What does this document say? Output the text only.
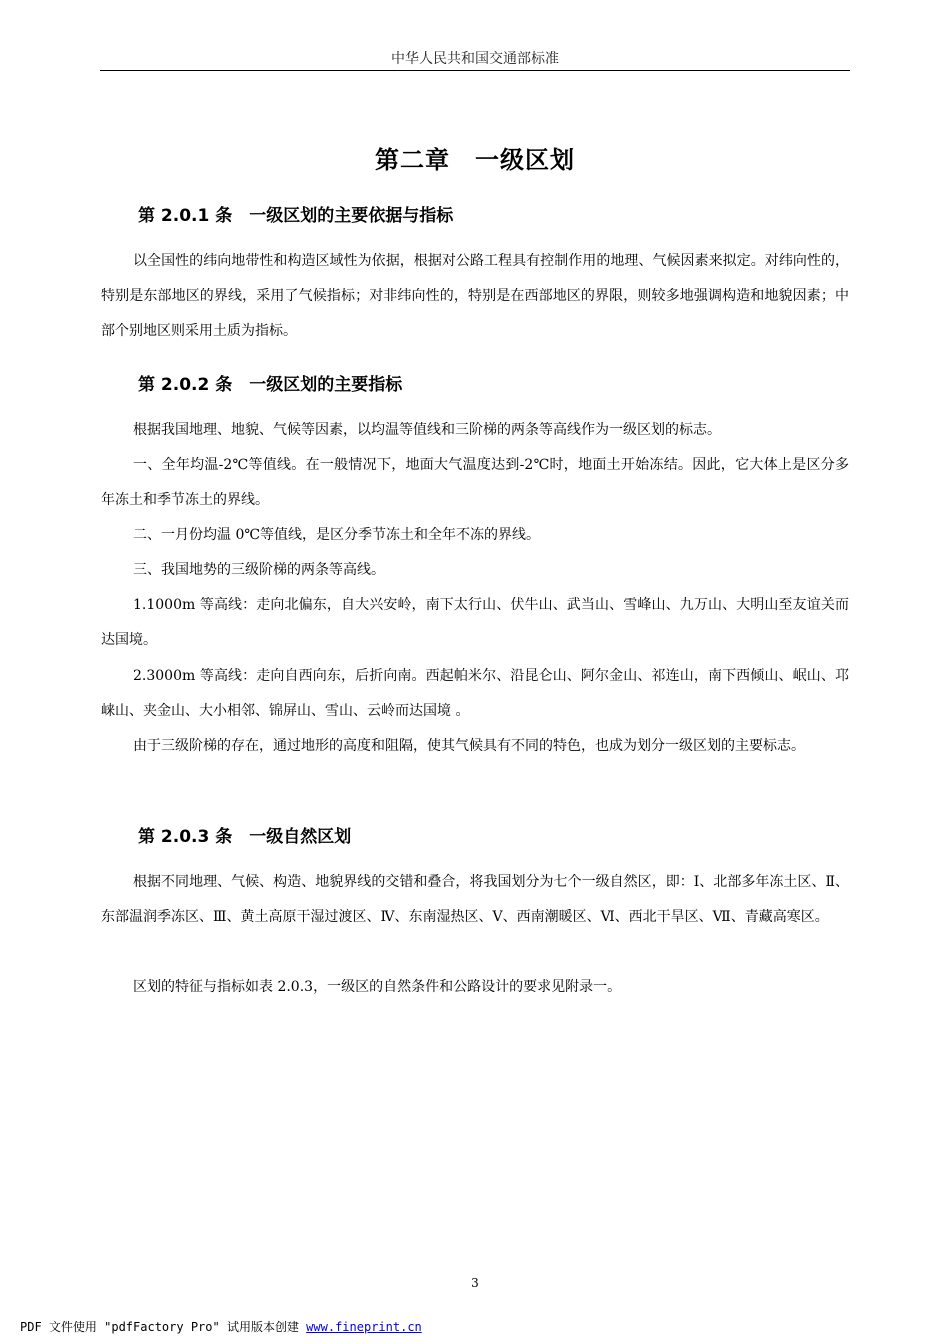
中华人民共和国交通部标准
第二章　一级区划
第 2.0.1 条　一级区划的主要依据与指标

以全国性的纬向地带性和构造区域性为依据，根据对公路工程具有控制作用的地理、气候因素来拟定。对纬向性的，特别是东部地区的界线，采用了气候指标；对非纬向性的，特别是在西部地区的界限，则较多地强调构造和地貌因素；中部个别地区则采用土质为指标。

第 2.0.2 条　一级区划的主要指标

根据我国地理、地貌、气候等因素，以均温等值线和三阶梯的两条等高线作为一级区划的标志。

一、全年均温-2℃等值线。在一般情况下，地面大气温度达到-2℃时，地面土开始冻结。因此，它大体上是区分多年冻土和季节冻土的界线。

二、一月份均温 0℃等值线，是区分季节冻土和全年不冻的界线。

三、我国地势的三级阶梯的两条等高线。

1.1000m 等高线：走向北偏东，自大兴安岭，南下太行山、伏牛山、武当山、雪峰山、九万山、大明山至友谊关而达国境。

2.3000m 等高线：走向自西向东，后折向南。西起帕米尔、沿昆仑山、阿尔金山、祁连山，南下西倾山、岷山、邛崃山、夹金山、大小相邻、锦屏山、雪山、云岭而达国境 。

由于三级阶梯的存在，通过地形的高度和阻隔，使其气候具有不同的特色，也成为划分一级区划的主要标志。

第 2.0.3 条　一级自然区划

根据不同地理、气候、构造、地貌界线的交错和叠合，将我国划分为七个一级自然区，即：Ⅰ、北部多年冻土区、Ⅱ、东部温润季冻区、Ⅲ、黄土高原干湿过渡区、Ⅳ、东南湿热区、Ⅴ、西南潮暖区、Ⅵ、西北干旱区、Ⅶ、青藏高寒区。

区划的特征与指标如表 2.0.3，一级区的自然条件和公路设计的要求见附录一。

3
PDF 文件使用 "pdfFactory Pro" 试用版本创建 www.fineprint.cn
